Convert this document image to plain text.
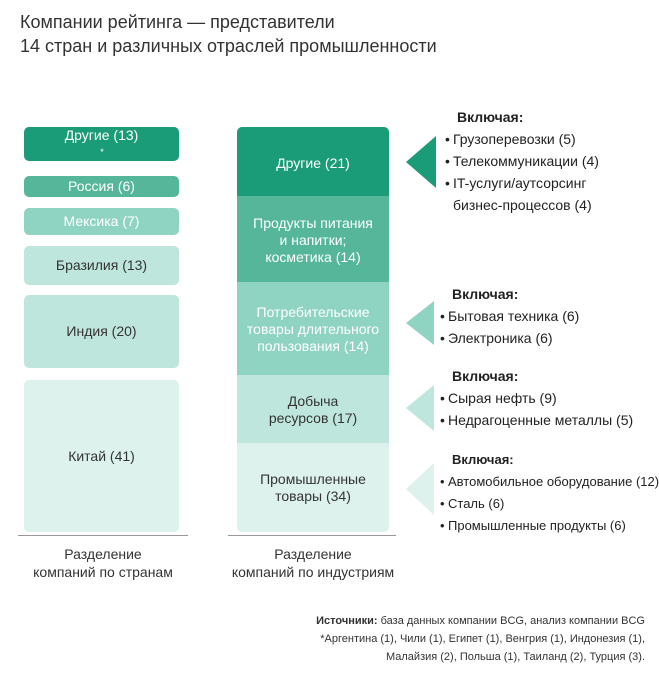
Компании рейтинга — представители
14 стран и различных отраслей промышленности
Другие (13)
*
Россия (6)
Мексика (7)
Бразилия (13)
Индия (20)
Китай (41)
Разделение
компаний по странам
Другие (21)
Продукты питания
и напитки;
косметика (14)
Потребительские
товары длительного
пользования (14)
Добыча
ресурсов (17)
Промышленные
товары (34)
Разделение
компаний по индустриям
Включая:
• Грузоперевозки (5)
• Телекоммуникации (4)
• IT-услуги/аутсорсинг
бизнес-процессов (4)
Включая:
• Бытовая техника (6)
• Электроника (6)
Включая:
• Сырая нефть (9)
• Недрагоценные металлы (5)
Включая:
• Автомобильное оборудование (12)
• Сталь (6)
• Промышленные продукты (6)
Источники: база данных компании BCG, анализ компании BCG
*Аргентина (1), Чили (1), Египет (1), Венгрия (1), Индонезия (1),
Малайзия (2), Польша (1), Таиланд (2), Турция (3).
